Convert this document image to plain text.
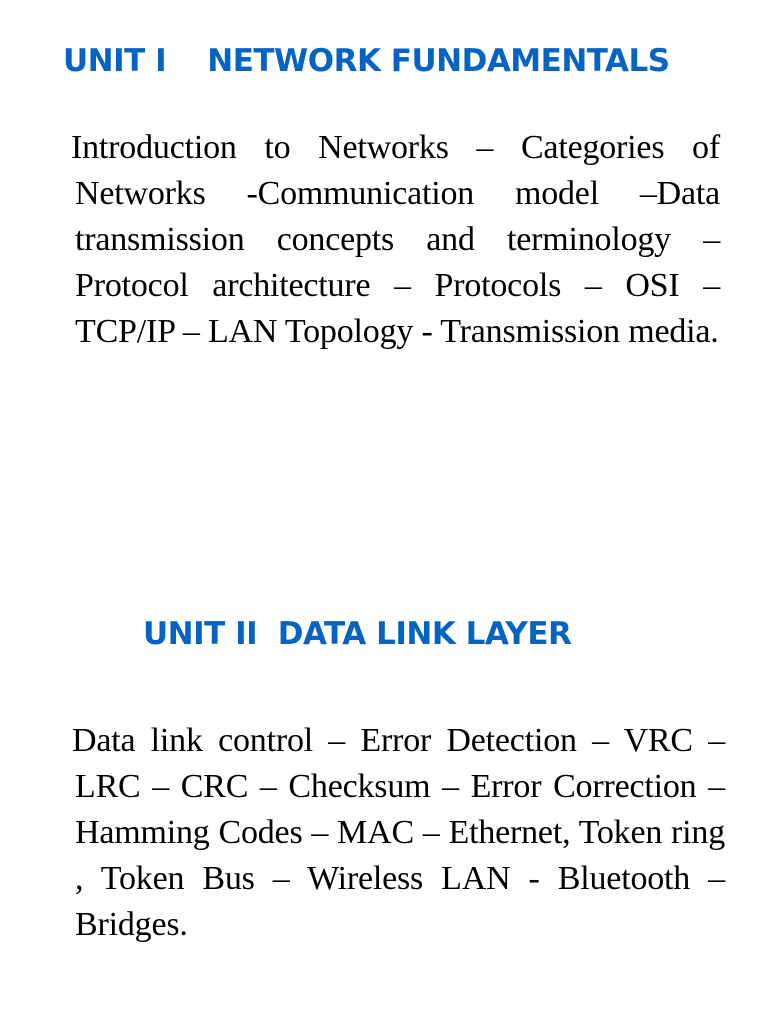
UNIT I    NETWORK FUNDAMENTALS

Introduction to Networks – Categories of Networks -Communication model –Data transmission concepts and terminology – Protocol architecture – Protocols – OSI – TCP/IP – LAN Topology - Transmission media.

UNIT II  DATA LINK LAYER

Data link control – Error Detection – VRC – LRC – CRC – Checksum – Error Correction – Hamming Codes – MAC – Ethernet, Token ring , Token Bus – Wireless LAN - Bluetooth – Bridges.
